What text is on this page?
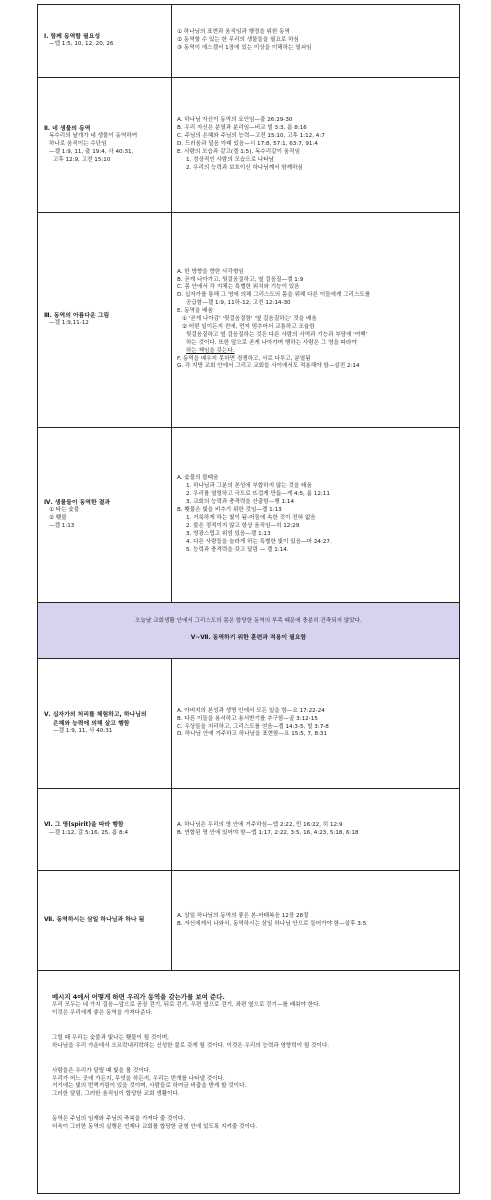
Ⅰ. 함께 동역할 필요성
—엡 1:5, 10, 12, 20, 26
① 하나님의 표현과 움직임과 행정을 위한 동역
② 동역할 수 있는 한 무리의 생물들을 필요로 하심
③ 동역이 에스겔서 1장에 있는 이상을 이해하는 열쇠임
Ⅱ. 네 생물의 동역
독수리의 날개가 네 생물이 동역하여
하나로 움직이는 수단임
—겔 1:9, 11, 출 19:4, 사 40:31,
고후 12:9, 고전 15:10
A. 하나님 자신이 동역의 요인임—출 26:29-30
B. 우리 자신은 분열과 분리임—비교 빌 3:3, 롬 8:16
C. 주님의 은혜와 주님의 능력—고전 15:10, 고후 1:12, 4:7
D. 드러움과 덮음 아래 있음—시 17:8, 57:1, 63:7, 91:4
E. 사람의 모습과 같고(겔 1:5), 독수리같이 움직임
1. 정상적인 사람의 모습으로 나타남
2. 우리의 능력과 보호이신 하나님께서 함께하심
Ⅲ. 동역의 아름다운 그림
—겔 1:9,11-12
A. 한 방향을 향한 사각형임
B. 곧게 나아가고, 뒷걸음질하고, 옆 걸음질—겔 1:9
C. 몸 안에서 각 지체는 특별한 위치와 기능이 있음
D. 십자가를 통해 그 영에 의해 그리스도의 몸을 위해 다른 이들에게 그리스도를
공급함—겔 1:9, 11하-12, 고전 12:14-30
E. 동역을 배움
① '곧게 나아감' '뒷걸음질함' '옆 걸음질하는' 것을 배움
② 어떤 일이든지 전에, 먼저 멈추어서 교통하고 조율함
뒷걸음질하고 옆 걸음질하는 것은 다른 사람의 사역과 기능과 부담에 '여백'
하는 것이다. 또한 앞으로 곧게 나아가며 행하는 사람은 그 영을 따라야
하는 책임을 갖는다.
F. 동역을 배우지 못하면 경쟁하고, 서로 다투고, 분열됨
G. 각 지방 교회 안에서 그리고 교회들 사이에서도 적용해야 함—살전 2:14
Ⅳ. 생물들이 동역한 결과
① 타는 숯불
② 횃불
—겔 1:13
A. 숯불의 불태움
1. 하나님과 그분의 본성에 부합하지 않는 것을 태움
2. 우리를 열렬하고 극도로 뜨겁게 만듦—게 4:5, 롬 12:11
3. 교회의 능력과 충격력을 산출함—행 1:14
B. 횃불은 빛을 비추기 위한 것임—겔 1:13
1. 거룩하게 하는 빛이 됨-어둠에 속한 것이 전혀 없음
2. 불은 정적이지 않고 항상 움직임—히 12:29
3. 영광스럽고 위엄 있음—겔 1:13
4. 다른 사람들을 놀라게 하는 특별한 빛이 있음—마 24:27.
5. 능력과 충격력을 갖고 달림 — 겔 1:14.
오늘날 교회생활 안에서 그리스도의 몸은 합당한 동역의 부족 때문에 충분히 건축되지 않았다.
Ⅴ~Ⅶ. 동역하기 위한 훈련과 적용이 필요함
Ⅴ. 십자가의 처리를 체험하고, 하나님의
은혜와 능력에 의해 살고 행함
—겔 1:9, 11, 사 40:31
A. 아버지의 본성과 생명 안에서 모든 일을 함—요 17:22-24
B. 다른 이들을 용서하고 용서받기를 추구함—골 3:12-15
C. 우상들을 처리하고, 그리스도를 얻음—겔 14:3-5, 빌 3:7-8
D. 하나님 안에 거주하고 하나님을 표현함—요 15:5, 7, 8:31
Ⅵ. 그 영(spirit)을 따라 행함
—겔 1:12, 갈 5:16, 25, 롬 8:4
A. 하나님은 우리의 영 안에 거주하심—엡 2:22, 민 16:22, 히 12:9
B. 연합된 영 안에 있어야 함—엡 1:17, 2:22, 3:5, 16, 4:23, 5:18, 6:18
Ⅶ. 동역하시는 삼일 하나님과 하나 됨
A. 삼일 하나님의 동역의 좋은 본-마태복음 12장 28절
B. 자신에게서 나와서, 동역하시는 삼일 하나님 안으로 들어가야 함—살후 3:5
메시지 4에서 어떻게 하면 우리가 동역을 갖는가를 보여 준다.
우리 모두는 네 가지 걸음—앞으로 곧장 걷기, 뒤로 걷기, 우편 옆으로 걷기, 좌편 옆으로 걷기—를 배워야 한다.
이것은 우리에게 좋은 동역을 가져다준다.
그럴 때 우리는 숯불과 빛나는 횃불이 될 것이며,
하나님을 우리 가운데서 오르락내리락하는 신성한 불로 갖게 될 것이다. 이것은 우리의 능력과 영향력이 될 것이다.
사람들은 우리가 달릴 때 빛을 볼 것이다.
우리가 어느 곳에 가든지, 무엇을 하든지, 우리는 번개를 나타낼 것이다.
거기에는 빛의 번쩍거림이 있을 것이며, 사람들로 하여금 비춤을 받게 할 것이다.
그러한 달림, 그러한 움직임이 합당한 교회 생활이다.
동역은 주님의 임재와 주님의 축복을 가져다 줄 것이다.
더욱이 그러한 동역의 실행은 언제나 교회를 합당한 균형 안에 있도록 지켜줄 것이다.
